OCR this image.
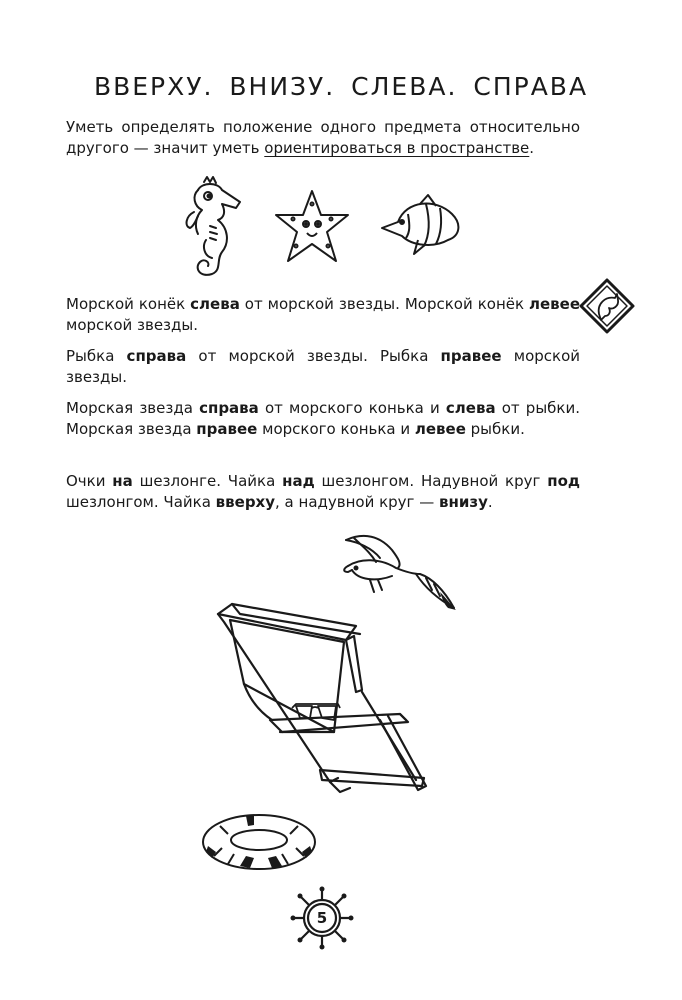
ВВЕРХУ. ВНИЗУ. СЛЕВА. СПРАВА
Уметь определять положение одного предмета относительно другого — значит уметь ориентироваться в пространстве.
Морской конёк слева от морской звезды. Морской конёк левее морской звезды.
Рыбка справа от морской звезды. Рыбка правее морской звезды.
Морская звезда справа от морского конька и слева от рыбки. Морская звезда правее морского конька и левее рыбки.
Очки на шезлонге. Чайка над шезлонгом. Надувной круг под шезлонгом. Чайка вверху, а надувной круг — внизу.
5
